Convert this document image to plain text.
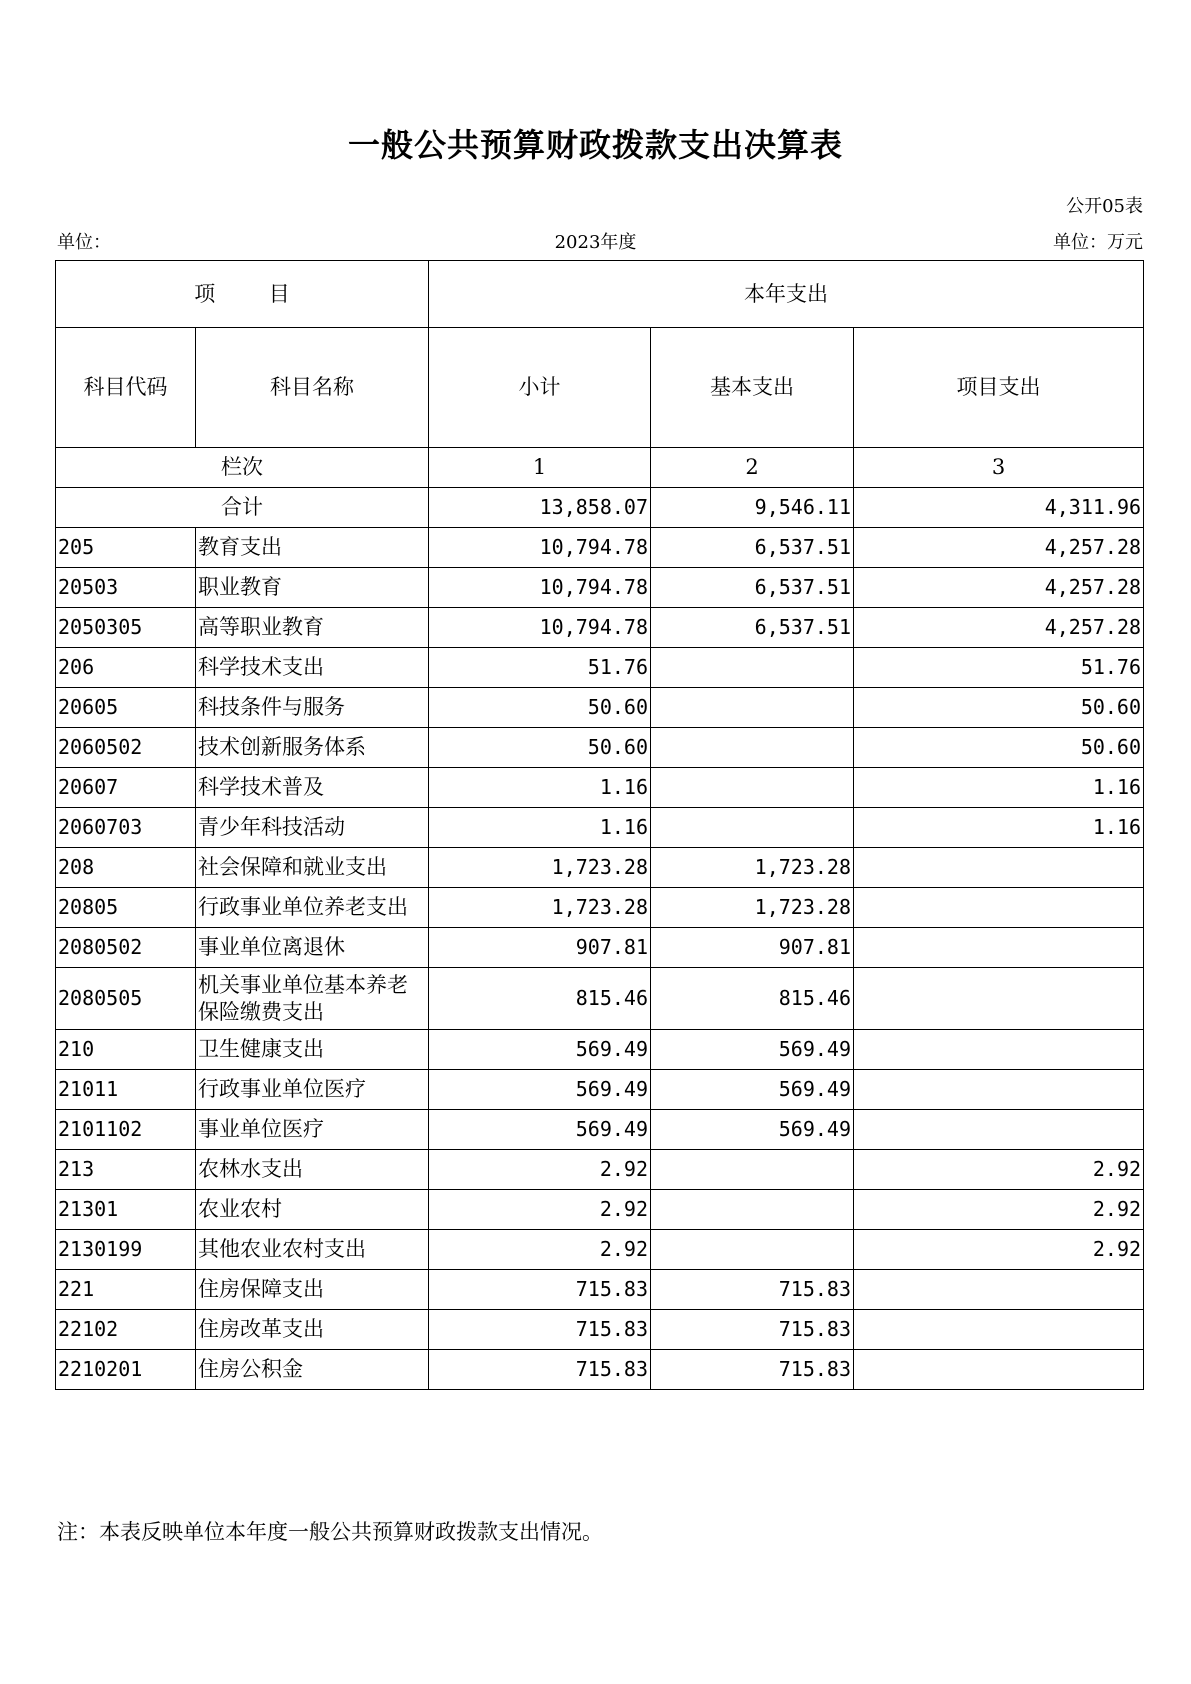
一般公共预算财政拨款支出决算表
公开05表
单位：	2023年度	单位：万元
项        目		本年支出		
科目代码	科目名称	小计	基本支出	项目支出
栏次		1	2	3
合计		13,858.07	9,546.11	4,311.96
205	教育支出	10,794.78	6,537.51	4,257.28
20503	职业教育	10,794.78	6,537.51	4,257.28
2050305	高等职业教育	10,794.78	6,537.51	4,257.28
206	科学技术支出	51.76		51.76
20605	科技条件与服务	50.60		50.60
2060502	技术创新服务体系	50.60		50.60
20607	科学技术普及	1.16		1.16
2060703	青少年科技活动	1.16		1.16
208	社会保障和就业支出	1,723.28	1,723.28	
20805	行政事业单位养老支出	1,723.28	1,723.28	
2080502	事业单位离退休	907.81	907.81	
2080505	机关事业单位基本养老保险缴费支出	815.46	815.46	
210	卫生健康支出	569.49	569.49	
21011	行政事业单位医疗	569.49	569.49	
2101102	事业单位医疗	569.49	569.49	
213	农林水支出	2.92		2.92
21301	农业农村	2.92		2.92
2130199	其他农业农村支出	2.92		2.92
221	住房保障支出	715.83	715.83	
22102	住房改革支出	715.83	715.83	
2210201	住房公积金	715.83	715.83	
注：本表反映单位本年度一般公共预算财政拨款支出情况。
